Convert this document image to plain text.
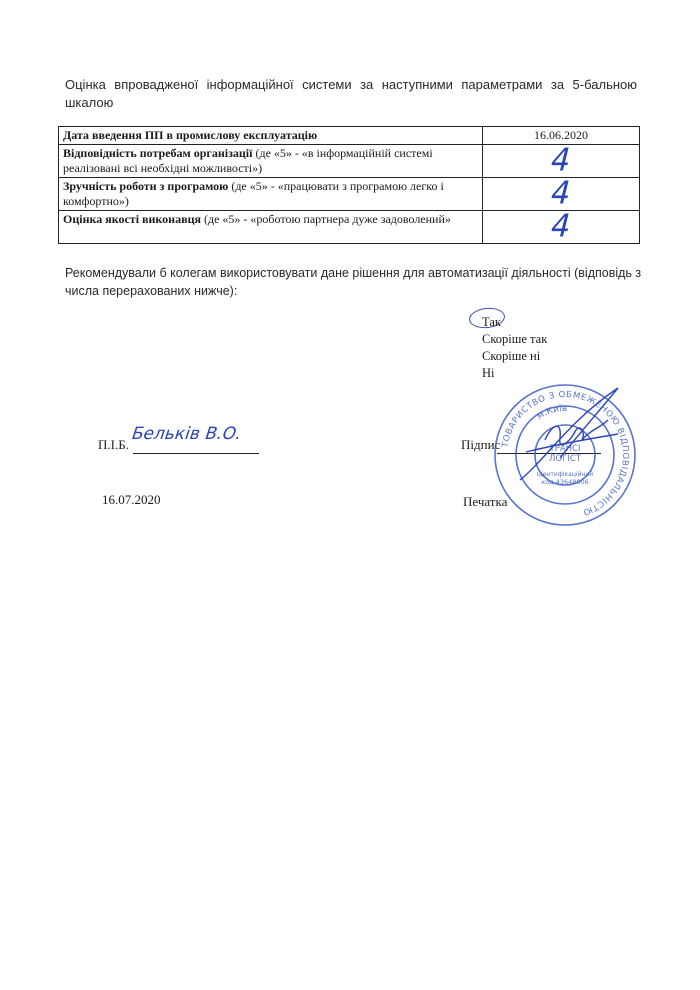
Оцінка впровадженої інформаційної системи за наступними параметрами за 5-бальною шкалою
Дата введення ПП в промислову експлуатацію	16.06.2020
Відповідність потребам організації (де «5» - «в інформаційній системі реалізовані всі необхідні можливості»)	4
Зручність роботи з програмою (де «5» - «працювати з програмою легко і комфортно»)	4
Оцінка якості виконавця (де «5» - «роботою партнера дуже задоволений»	4
Рекомендували б колегам використовувати дане рішення для автоматизації діяльності (відповідь з числа перерахованих нижче):
Так
Скоріше так
Скоріше ні
Ні
П.І.Б.
Бельків В.О.
Підпис
16.07.2020	Печатка
ТОВАРИСТВО З ОБМЕЖЕНОЮ ВІДПОВІДАЛЬНІСТЮ
м.Київ
ТРАНСІ
ЛОГІСТ
Ідентифікаційний
код 43648806
